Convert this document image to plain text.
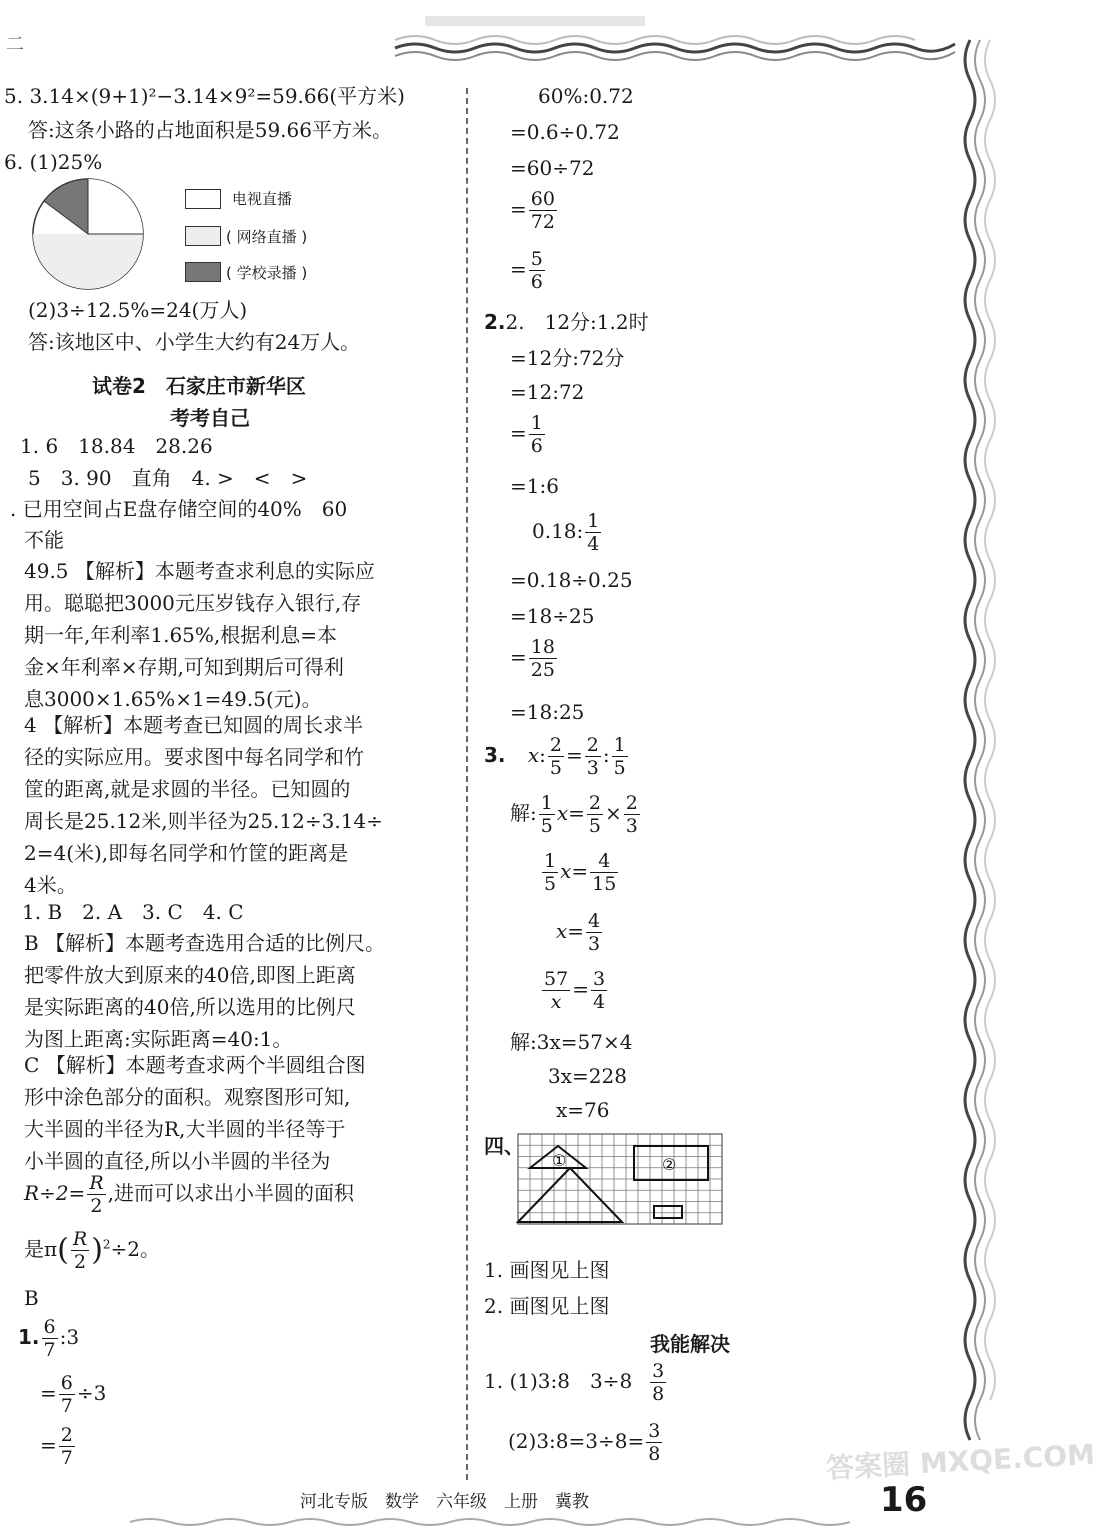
二
5. 3.14×(9+1)²−3.14×9²=59.66(平方米)
答:这条小路的占地面积是59.66平方米。
6. (1)25%
电视直播
( 网络直播 )
( 学校录播 )
(2)3÷12.5%=24(万人)
答:该地区中、小学生大约有24万人。
试卷2　石家庄市新华区
考考自己
1. 6　18.84　28.26
5　3. 90　直角　4. >　<　>
. 已用空间占E盘存储空间的40%　60
不能
49.5 【解析】本题考查求利息的实际应
用。聪聪把3000元压岁钱存入银行,存
期一年,年利率1.65%,根据利息=本
金×年利率×存期,可知到期后可得利
息3000×1.65%×1=49.5(元)。
4 【解析】本题考查已知圆的周长求半
径的实际应用。要求图中每名同学和竹
筐的距离,就是求圆的半径。已知圆的
周长是25.12米,则半径为25.12÷3.14÷
2=4(米),即每名同学和竹筐的距离是
4米。
1. B　2. A　3. C　4. C
B 【解析】本题考查选用合适的比例尺。
把零件放大到原来的40倍,即图上距离
是实际距离的40倍,所以选用的比例尺
为图上距离:实际距离=40:1。
C 【解析】本题考查求两个半圆组合图
形中涂色部分的面积。观察图形可知,
大半圆的半径为R,大半圆的半径等于
小半圆的直径,所以小半圆的半径为
$R\div 2= \frac{R}{2}$ ,进而可以求出小半圆的面积
是$\pi( \frac{R}{2} )^2\div 2$。
B
1. $\frac{6}{7}$ :3
= $\frac{6}{7} \div 3$
= $\frac{2}{7}$
60%:0.72
=0.6÷0.72
=60÷72
= $\frac{60}{72}$
= $\frac{5}{6}$
2.2.　12分:1.2时
=12分:72分
=12:72
= $\frac{1}{6}$
=1:6
0.18: $\frac{1}{4}$
=0.18÷0.25
=18÷25
= $\frac{18}{25}$
=18:25
3. x: $\frac{2}{5} = \frac{2}{3}$ : $\frac{1}{5}$
解: $\frac{1}{5} x= \frac{2}{5} \times \frac{2}{3}$
$\frac{1}{5} x= \frac{4}{15}$
$x= \frac{4}{3}$
$\frac{57}{x} = \frac{3}{4}$
解:3x=57×4
3x=228
x=76
四、
①	②
1. 画图见上图
2. 画图见上图
我能解决
1. (1)3:8　$3\div 8 \frac{3}{8}$
(2)3:8=3÷8= $\frac{3}{8}$	答案圈 MXQE.COM
河北专版　数学　六年级　上册　冀教	16
